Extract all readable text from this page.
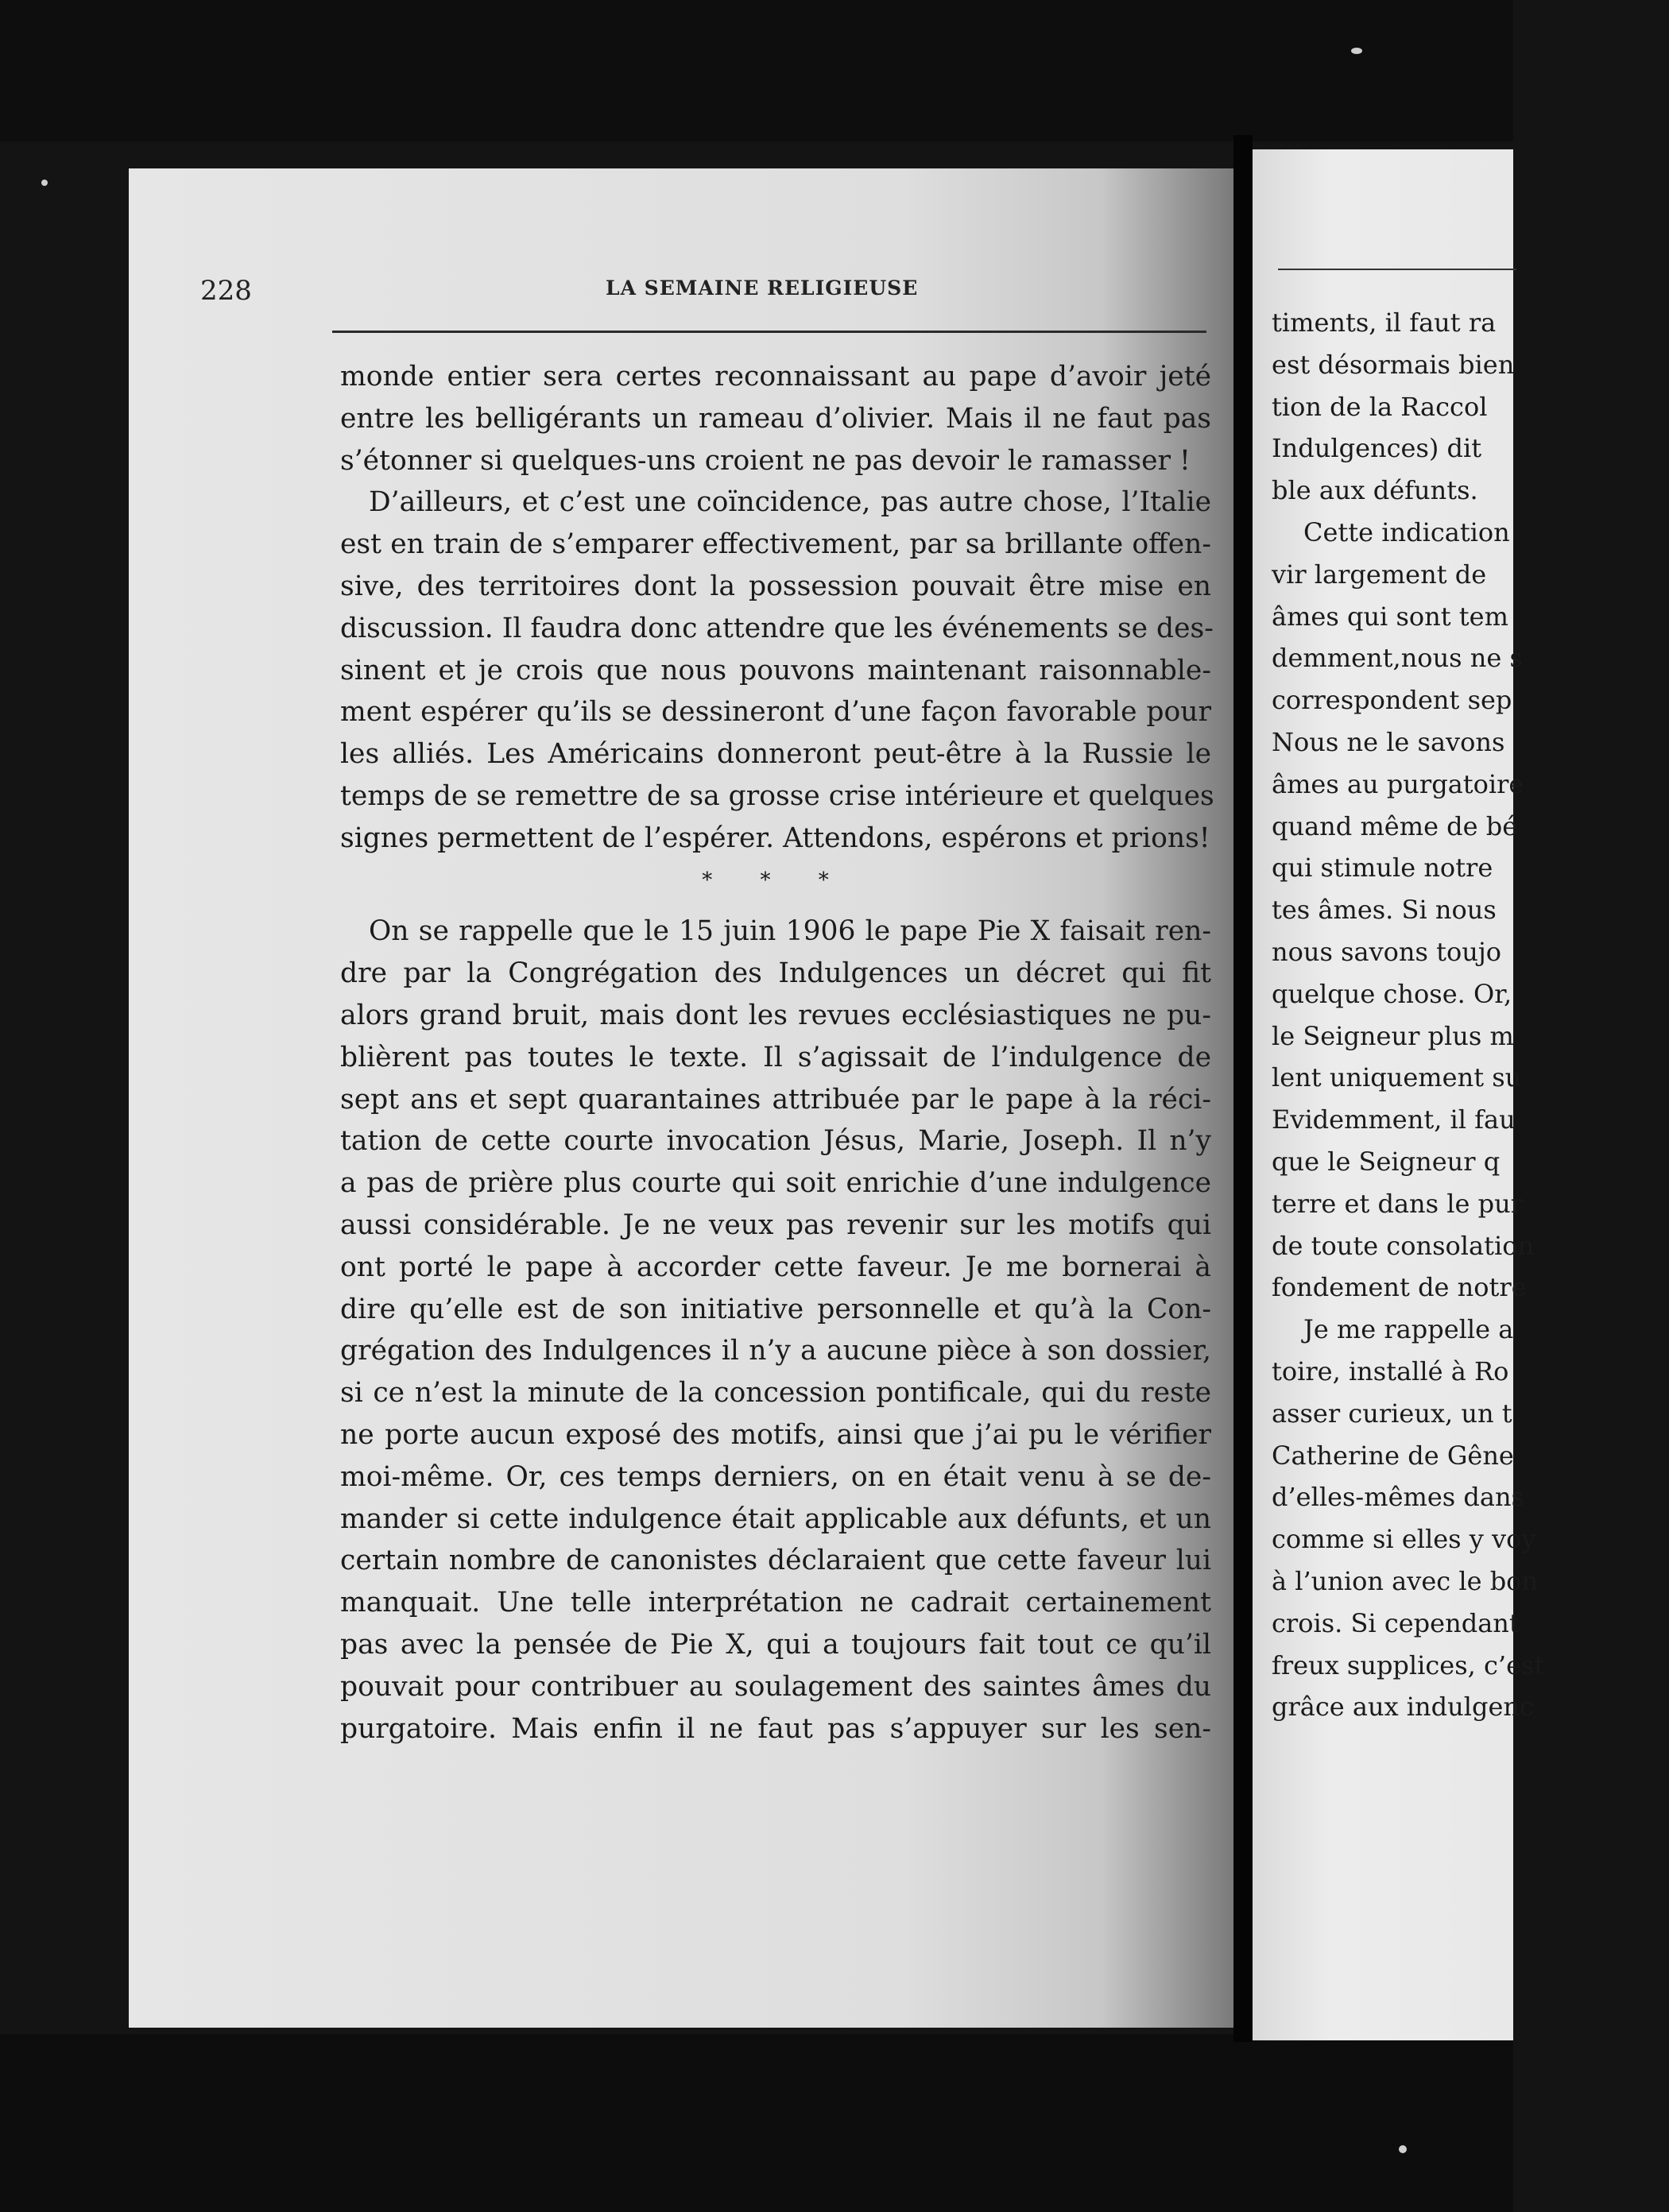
228	LA SEMAINE RELIGIEUSE
monde entier sera certes reconnaissant au pape d’avoir jeté
entre les belligérants un rameau d’olivier. Mais il ne faut pas
s’étonner si quelques-uns croient ne pas devoir le ramasser !
D’ailleurs, et c’est une coïncidence, pas autre chose, l’Italie
est en train de s’emparer effectivement, par sa brillante offen-
sive, des territoires dont la possession pouvait être mise en
discussion. Il faudra donc attendre que les événements se des-
sinent et je crois que nous pouvons maintenant raisonnable-
ment espérer qu’ils se dessineront d’une façon favorable pour
les alliés. Les Américains donneront peut-être à la Russie le
temps de se remettre de sa grosse crise intérieure et quelques
signes permettent de l’espérer. Attendons, espérons et prions!
* * *
On se rappelle que le 15 juin 1906 le pape Pie X faisait ren-
dre par la Congrégation des Indulgences un décret qui fit
alors grand bruit, mais dont les revues ecclésiastiques ne pu-
blièrent pas toutes le texte. Il s’agissait de l’indulgence de
sept ans et sept quarantaines attribuée par le pape à la réci-
tation de cette courte invocation Jésus, Marie, Joseph. Il n’y
a pas de prière plus courte qui soit enrichie d’une indulgence
aussi considérable. Je ne veux pas revenir sur les motifs qui
ont porté le pape à accorder cette faveur. Je me bornerai à
dire qu’elle est de son initiative personnelle et qu’à la Con-
grégation des Indulgences il n’y a aucune pièce à son dossier,
si ce n’est la minute de la concession pontificale, qui du reste
ne porte aucun exposé des motifs, ainsi que j’ai pu le vérifier
moi-même. Or, ces temps derniers, on en était venu à se de-
mander si cette indulgence était applicable aux défunts, et un
certain nombre de canonistes déclaraient que cette faveur lui
manquait. Une telle interprétation ne cadrait certainement
pas avec la pensée de Pie X, qui a toujours fait tout ce qu’il
pouvait pour contribuer au soulagement des saintes âmes du
purgatoire. Mais enfin il ne faut pas s’appuyer sur les sen-
timents, il faut ra
est désormais bien
tion de la Raccol
Indulgences) dit
ble aux défunts.
Cette indication
vir largement de
âmes qui sont tem
demment,nous ne s
correspondent sep
Nous ne le savons
âmes au purgatoire
quand même de bé
qui stimule notre
tes âmes. Si nous
nous savons toujo
quelque chose. Or,
le Seigneur plus m
lent uniquement su
Evidemment, il fau
que le Seigneur q
terre et dans le pur
de toute consolation
fondement de notre
Je me rappelle a
toire, installé à Ro
asser curieux, un t
Catherine de Gêne
d’elles-mêmes dans
comme si elles y voy
à l’union avec le bon
crois. Si cependant
freux supplices, c’est
grâce aux indulgenc
